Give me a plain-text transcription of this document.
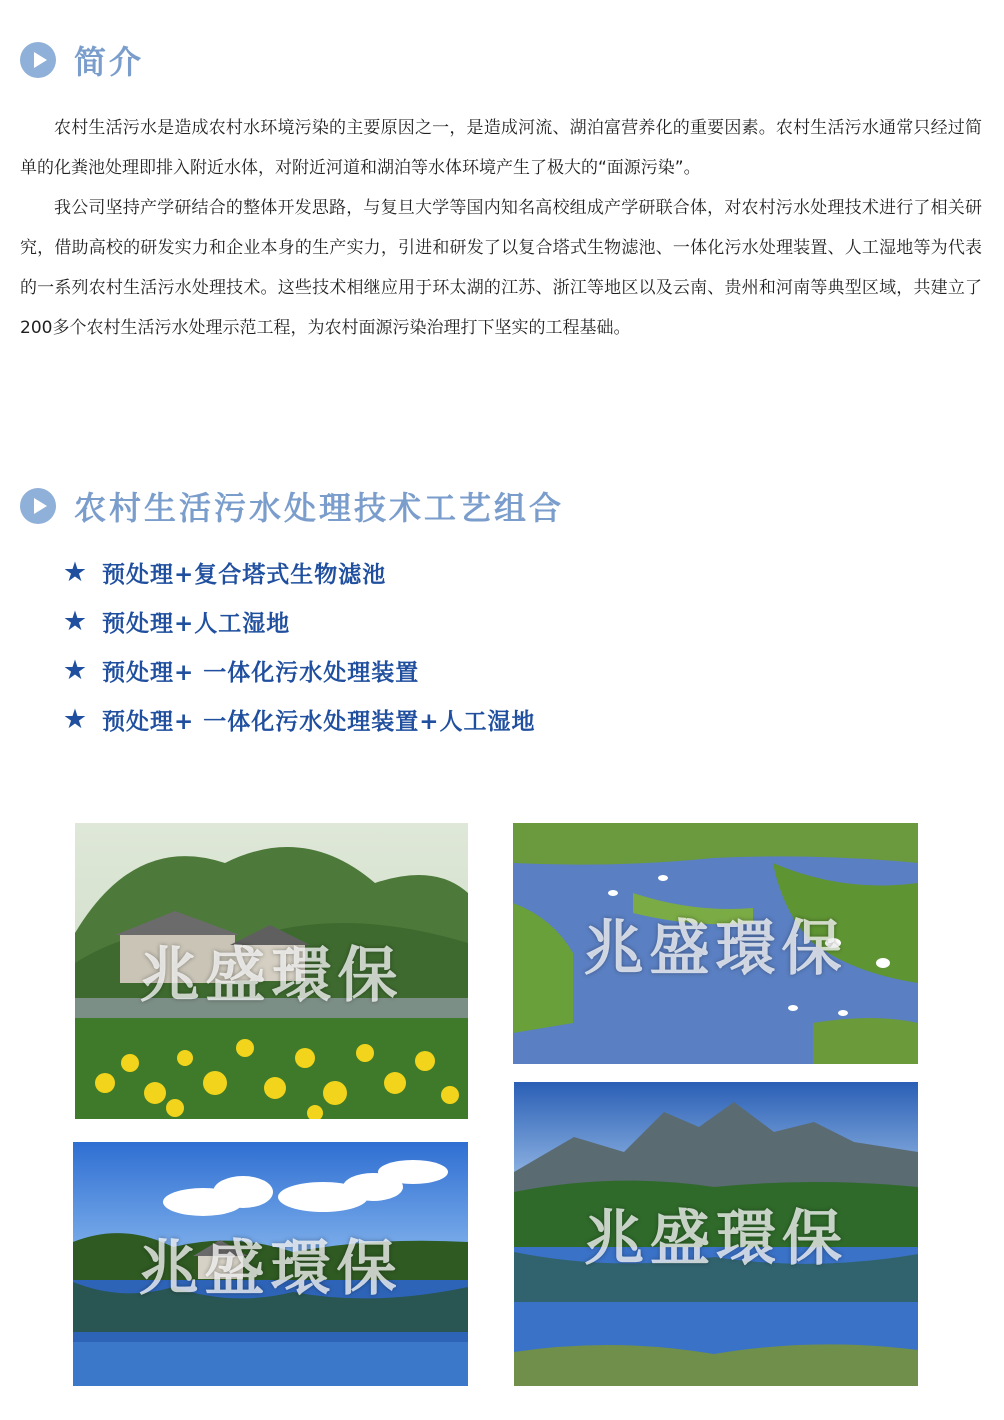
简介

农村生活污水是造成农村水环境污染的主要原因之一，是造成河流、湖泊富营养化的重要因素。农村生活污水通常只经过简单的化粪池处理即排入附近水体，对附近河道和湖泊等水体环境产生了极大的“面源污染”。

我公司坚持产学研结合的整体开发思路，与复旦大学等国内知名高校组成产学研联合体，对农村污水处理技术进行了相关研究，借助高校的研发实力和企业本身的生产实力，引进和研发了以复合塔式生物滤池、一体化污水处理装置、人工湿地等为代表的一系列农村生活污水处理技术。这些技术相继应用于环太湖的江苏、浙江等地区以及云南、贵州和河南等典型区域，共建立了200多个农村生活污水处理示范工程，为农村面源污染治理打下坚实的工程基础。

农村生活污水处理技术工艺组合
★ 预处理+复合塔式生物滤池
★ 预处理+人工湿地
★ 预处理+ 一体化污水处理装置
★ 预处理+ 一体化污水处理装置+人工湿地
兆盛環保	兆盛環保
兆盛環保	兆盛環保
